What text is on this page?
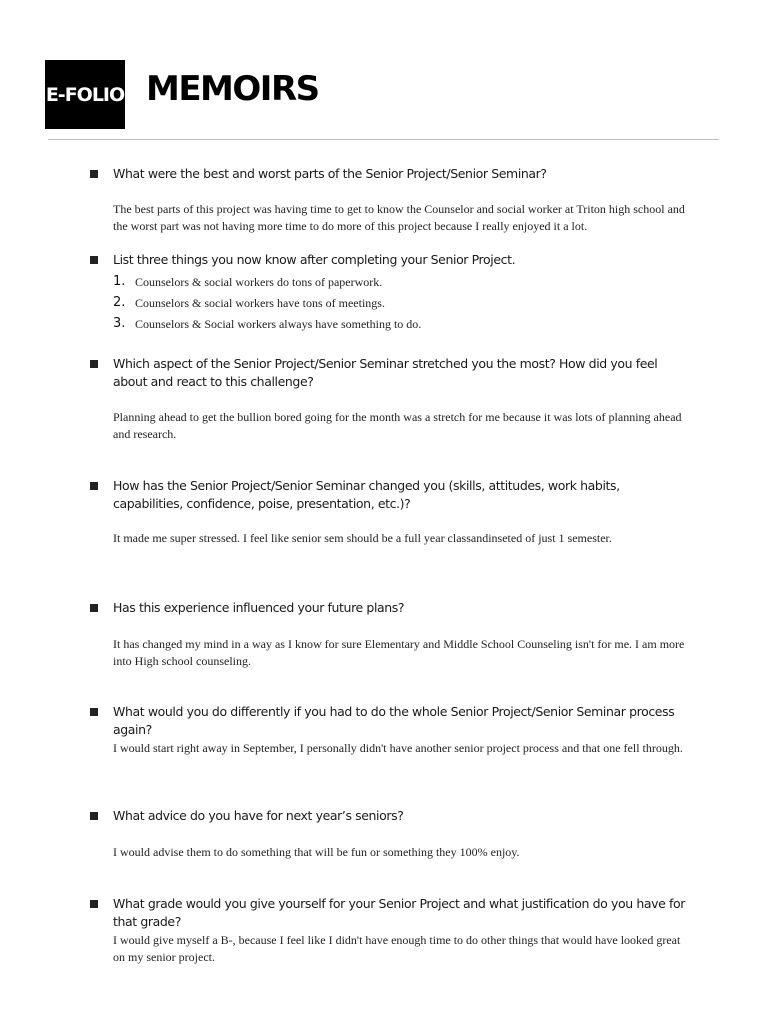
E-FOLIO MEMOIRS
What were the best and worst parts of the Senior Project/Senior Seminar?
The best parts of this project was having time to get to know the Counselor and social worker at Triton high school and the worst part was not having more time to do more of this project because I really enjoyed it a lot.
List three things you now know after completing your Senior Project.
1. Counselors & social workers do tons of paperwork.
2. Counselors & social workers have tons of meetings.
3. Counselors & Social workers always have something to do.
Which aspect of the Senior Project/Senior Seminar stretched you the most? How did you feel about and react to this challenge?
Planning ahead to get the bullion bored going for the month was a stretch for me because it was lots of planning ahead and research.
How has the Senior Project/Senior Seminar changed you (skills, attitudes, work habits, capabilities, confidence, poise, presentation, etc.)?
It made me super stressed. I feel like senior sem should be a full year classandinseted of just 1 semester.
Has this experience influenced your future plans?
It has changed my mind in a way as I know for sure Elementary and Middle School Counseling isn't for me. I am more into High school counseling.
What would you do differently if you had to do the whole Senior Project/Senior Seminar process again?
I would start right away in September, I personally didn't have another senior project process and that one fell through.
What advice do you have for next year’s seniors?
I would advise them to do something that will be fun or something they 100% enjoy.
What grade would you give yourself for your Senior Project and what justification do you have for that grade?
I would give myself a B-, because I feel like I didn't have enough time to do other things that would have looked great on my senior project.
